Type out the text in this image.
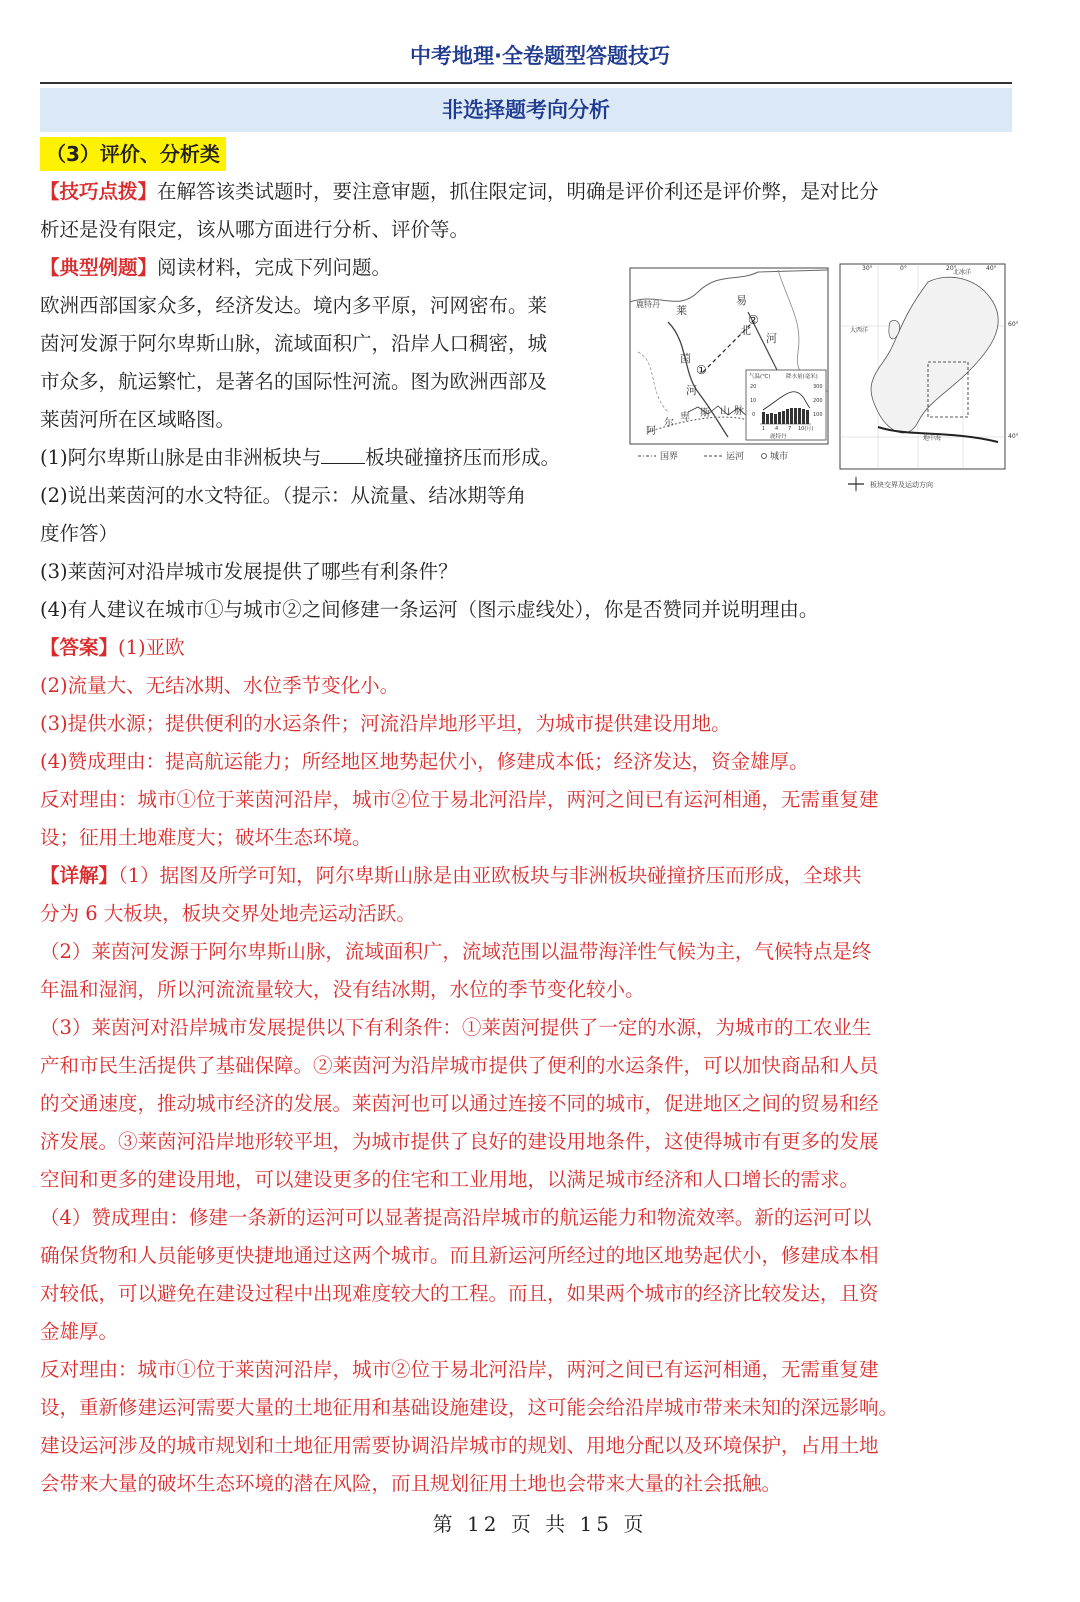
中考地理·全卷题型答题技巧
非选择题考向分析
（3）评价、分析类
【技巧点拨】在解答该类试题时，要注意审题，抓住限定词，明确是评价利还是评价弊，是对比分
析还是没有限定，该从哪方面进行分析、评价等。
【典型例题】阅读材料，完成下列问题。
欧洲西部国家众多，经济发达。境内多平原，河网密布。莱
茵河发源于阿尔卑斯山脉，流域面积广，沿岸人口稠密，城
市众多，航运繁忙，是著名的国际性河流。图为欧洲西部及
莱茵河所在区域略图。
(1)阿尔卑斯山脉是由非洲板块与 板块碰撞挤压而形成。
(2)说出莱茵河的水文特征。（提示：从流量、结冰期等角
度作答）
(3)莱茵河对沿岸城市发展提供了哪些有利条件？
(4)有人建议在城市①与城市②之间修建一条运河（图示虚线处），你是否赞同并说明理由。
鹿特丹 莱
茵
河
易
北
河
阿
尔
卑 斯 山 脉
①
②
气温(℃)	降水量(毫米)
20
10
0
300
200
100
1 4 7 10(月)
鹿特丹
国界	运河	城市
30°	0°	20°	40°
60°
40°
北冰洋
大西洋
地中海
板块交界及运动方向
【答案】(1)亚欧
(2)流量大、无结冰期、水位季节变化小。
(3)提供水源；提供便利的水运条件；河流沿岸地形平坦，为城市提供建设用地。
(4)赞成理由：提高航运能力；所经地区地势起伏小，修建成本低；经济发达，资金雄厚。
反对理由：城市①位于莱茵河沿岸，城市②位于易北河沿岸，两河之间已有运河相通，无需重复建
设；征用土地难度大；破坏生态环境。
【详解】（1）据图及所学可知，阿尔卑斯山脉是由亚欧板块与非洲板块碰撞挤压而形成，全球共
分为 6 大板块，板块交界处地壳运动活跃。
（2）莱茵河发源于阿尔卑斯山脉，流域面积广，流域范围以温带海洋性气候为主，气候特点是终
年温和湿润，所以河流流量较大，没有结冰期，水位的季节变化较小。
（3）莱茵河对沿岸城市发展提供以下有利条件：①莱茵河提供了一定的水源，为城市的工农业生
产和市民生活提供了基础保障。②莱茵河为沿岸城市提供了便利的水运条件，可以加快商品和人员
的交通速度，推动城市经济的发展。莱茵河也可以通过连接不同的城市，促进地区之间的贸易和经
济发展。③莱茵河沿岸地形较平坦，为城市提供了良好的建设用地条件，这使得城市有更多的发展
空间和更多的建设用地，可以建设更多的住宅和工业用地，以满足城市经济和人口增长的需求。
（4）赞成理由：修建一条新的运河可以显著提高沿岸城市的航运能力和物流效率。新的运河可以
确保货物和人员能够更快捷地通过这两个城市。而且新运河所经过的地区地势起伏小，修建成本相
对较低，可以避免在建设过程中出现难度较大的工程。而且，如果两个城市的经济比较发达，且资
金雄厚。
反对理由：城市①位于莱茵河沿岸，城市②位于易北河沿岸，两河之间已有运河相通，无需重复建
设，重新修建运河需要大量的土地征用和基础设施建设，这可能会给沿岸城市带来未知的深远影响。
建设运河涉及的城市规划和土地征用需要协调沿岸城市的规划、用地分配以及环境保护，占用土地
会带来大量的破坏生态环境的潜在风险，而且规划征用土地也会带来大量的社会抵触。
第 12 页 共 15 页
